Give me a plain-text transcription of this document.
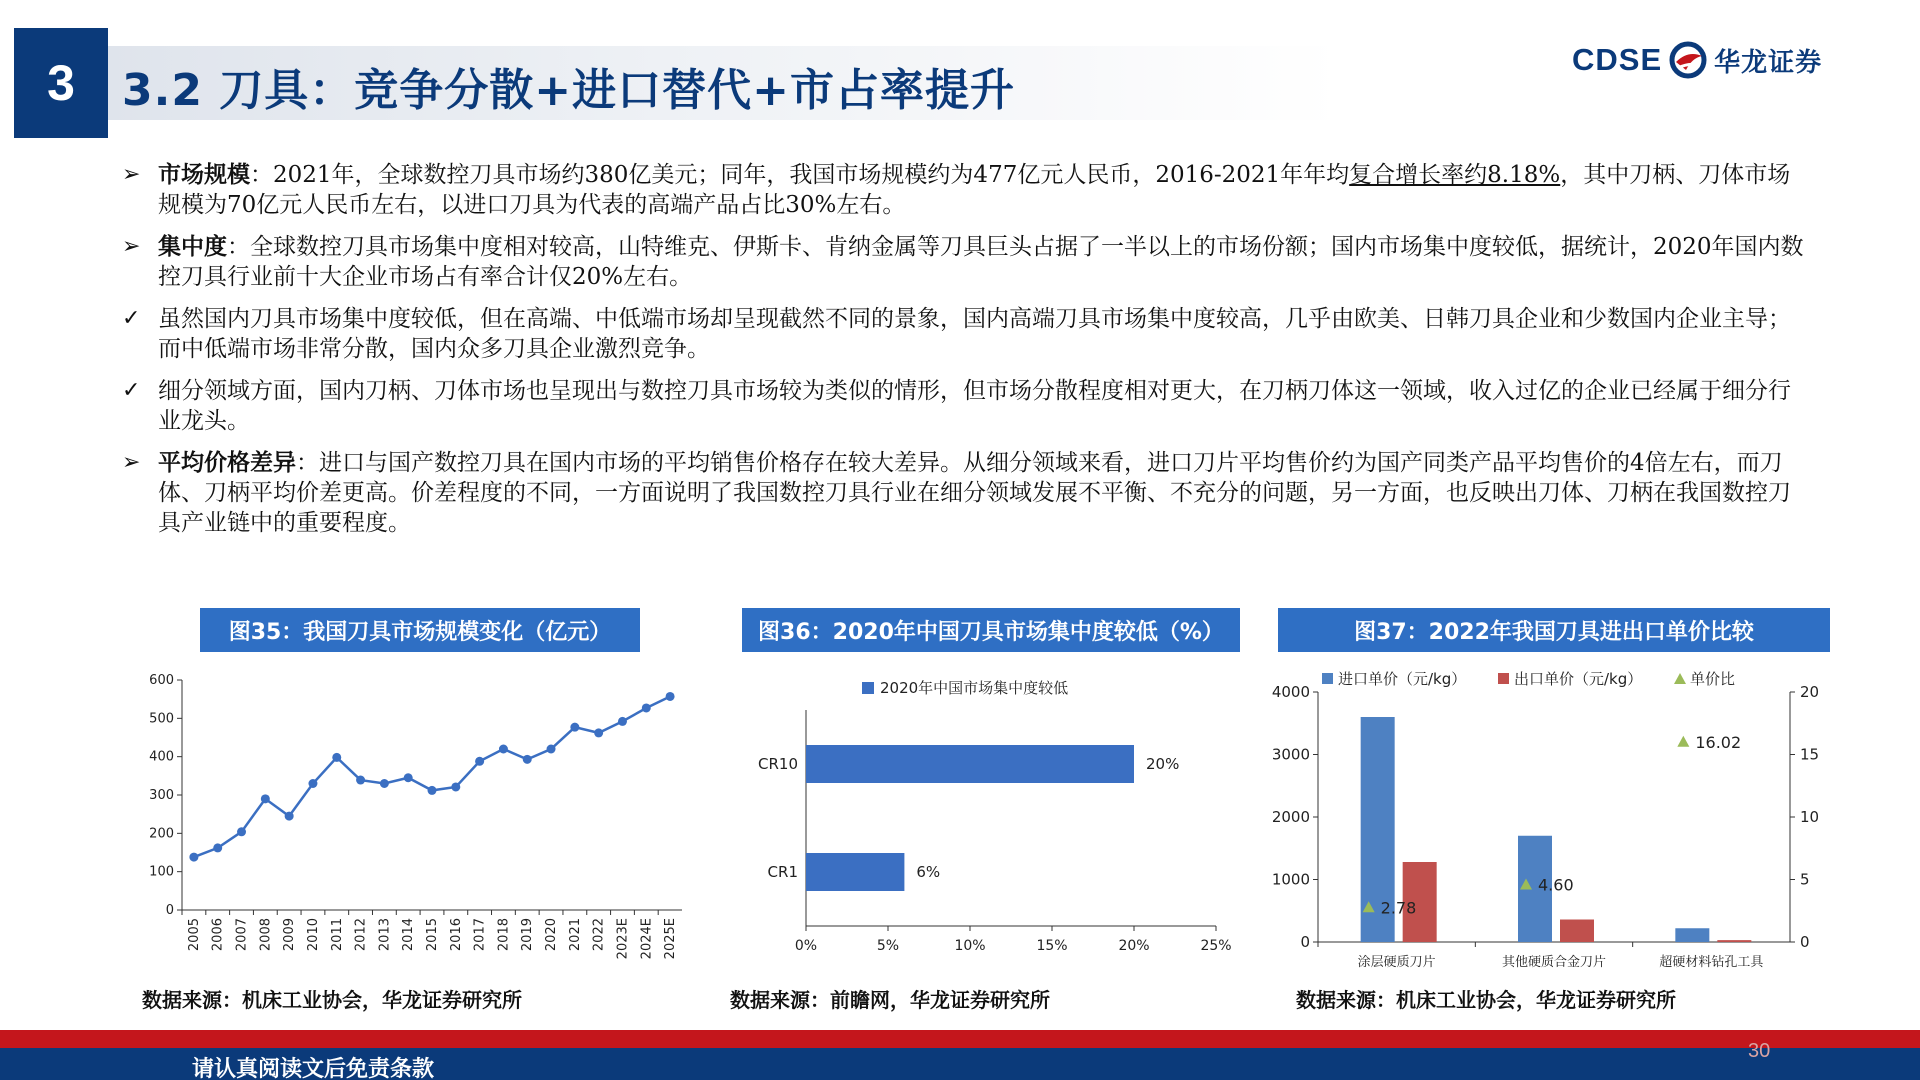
3 3.2 刀具：竞争分散+进口替代+市占率提升
CDSE 华龙证券
➢ 市场规模：2021年，全球数控刀具市场约380亿美元；同年，我国市场规模约为477亿元人民币，2016-2021年年均复合增长率约8.18%，其中刀柄、刀体市场规模为70亿元人民币左右，以进口刀具为代表的高端产品占比30%左右。
➢ 集中度：全球数控刀具市场集中度相对较高，山特维克、伊斯卡、肯纳金属等刀具巨头占据了一半以上的市场份额；国内市场集中度较低，据统计，2020年国内数控刀具行业前十大企业市场占有率合计仅20%左右。
✓ 虽然国内刀具市场集中度较低，但在高端、中低端市场却呈现截然不同的景象，国内高端刀具市场集中度较高，几乎由欧美、日韩刀具企业和少数国内企业主导；而中低端市场非常分散，国内众多刀具企业激烈竞争。
✓ 细分领域方面，国内刀柄、刀体市场也呈现出与数控刀具市场较为类似的情形，但市场分散程度相对更大，在刀柄刀体这一领域，收入过亿的企业已经属于细分行业龙头。
➢ 平均价格差异：进口与国产数控刀具在国内市场的平均销售价格存在较大差异。从细分领域来看，进口刀片平均售价约为国产同类产品平均售价的4倍左右，而刀体、刀柄平均价差更高。价差程度的不同，一方面说明了我国数控刀具行业在细分领域发展不平衡、不充分的问题，另一方面，也反映出刀体、刀柄在我国数控刀具产业链中的重要程度。
图35：我国刀具市场规模变化（亿元）
0
100
200
300
400
500
600
2005 2006 2007 2008 2009 2010 2011 2012 2013 2014 2015 2016 2017 2018 2019 2020 2021 2022 2023E 2024E 2025E
数据来源：机床工业协会，华龙证券研究所
图36：2020年中国刀具市场集中度较低（%）
2020年中国市场集中度较低
0%	5%	10%	15%	20%	25%
CR10	20%
CR1	6%
数据来源：前瞻网，华龙证券研究所
图37：2022年我国刀具进出口单价比较
进口单价（元/kg）	出口单价（元/kg）	单价比
0
1000
2000
3000
4000
0
5
10
15
20
涂层硬质刀片
2.78
其他硬质合金刀片
4.60
超硬材料钻孔工具
16.02
数据来源：机床工业协会，华龙证券研究所
请认真阅读文后免责条款
30
